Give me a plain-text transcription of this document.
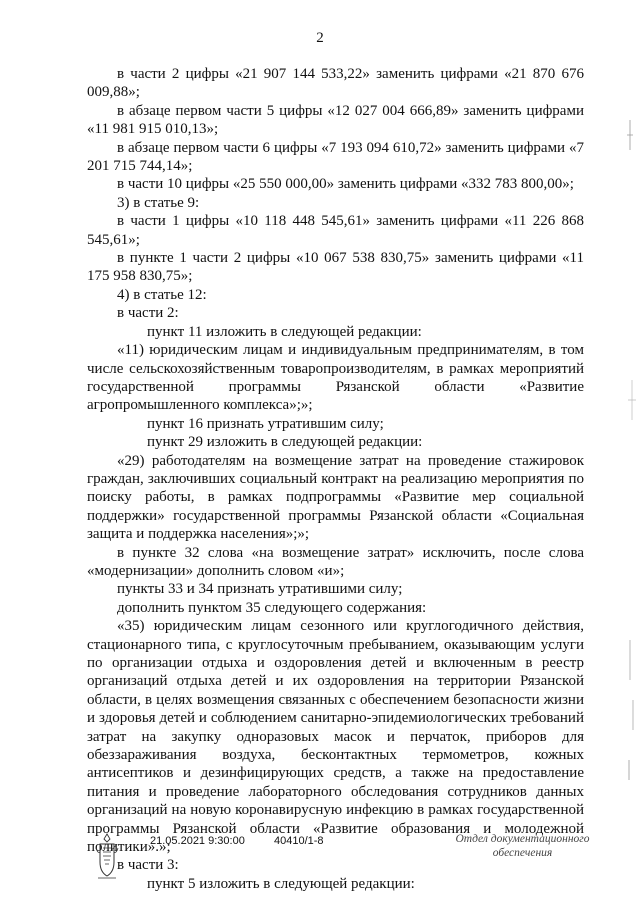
2

в части 2 цифры «21 907 144 533,22» заменить цифрами «21 870 676 009,88»;

в абзаце первом части 5 цифры «12 027 004 666,89» заменить цифрами «11 981 915 010,13»;

в абзаце первом части 6 цифры «7 193 094 610,72» заменить цифрами «7 201 715 744,14»;

в части 10 цифры «25 550 000,00» заменить цифрами «332 783 800,00»;

3) в статье 9:

в части 1 цифры «10 118 448 545,61» заменить цифрами «11 226 868 545,61»;

в пункте 1 части 2 цифры «10 067 538 830,75» заменить цифрами «11 175 958 830,75»;

4) в статье 12:

в части 2:

пункт 11 изложить в следующей редакции:

«11) юридическим лицам и индивидуальным предпринимателям, в том числе сельскохозяйственным товаропроизводителям, в рамках мероприятий государственной программы Рязанской области «Развитие агропромышленного комплекса»;»;

пункт 16 признать утратившим силу;

пункт 29 изложить в следующей редакции:

«29) работодателям на возмещение затрат на проведение стажировок граждан, заключивших социальный контракт на реализацию мероприятия по поиску работы, в рамках подпрограммы «Развитие мер социальной поддержки» государственной программы Рязанской области «Социальная защита и поддержка населения»;»;

в пункте 32 слова «на возмещение затрат» исключить, после слова «модернизации» дополнить словом «и»;

пункты 33 и 34 признать утратившими силу;

дополнить пунктом 35 следующего содержания:

«35) юридическим лицам сезонного или круглогодичного действия, стационарного типа, с круглосуточным пребыванием, оказывающим услуги по организации отдыха и оздоровления детей и включенным в реестр организаций отдыха детей и их оздоровления на территории Рязанской области, в целях возмещения связанных с обеспечением безопасности жизни и здоровья детей и соблюдением санитарно-эпидемиологических требований затрат на закупку одноразовых масок и перчаток, приборов для обеззараживания воздуха, бесконтактных термометров, кожных антисептиков и дезинфицирующих средств, а также на предоставление питания и проведение лабораторного обследования сотрудников данных организаций на новую коронавирусную инфекцию в рамках государственной программы Рязанской области «Развитие образования и молодежной политики».»;

в части 3:

пункт 5 изложить в следующей редакции:

21.05.2021 9:30:00	40410/1-8	Отдел документационного
обеспечения
